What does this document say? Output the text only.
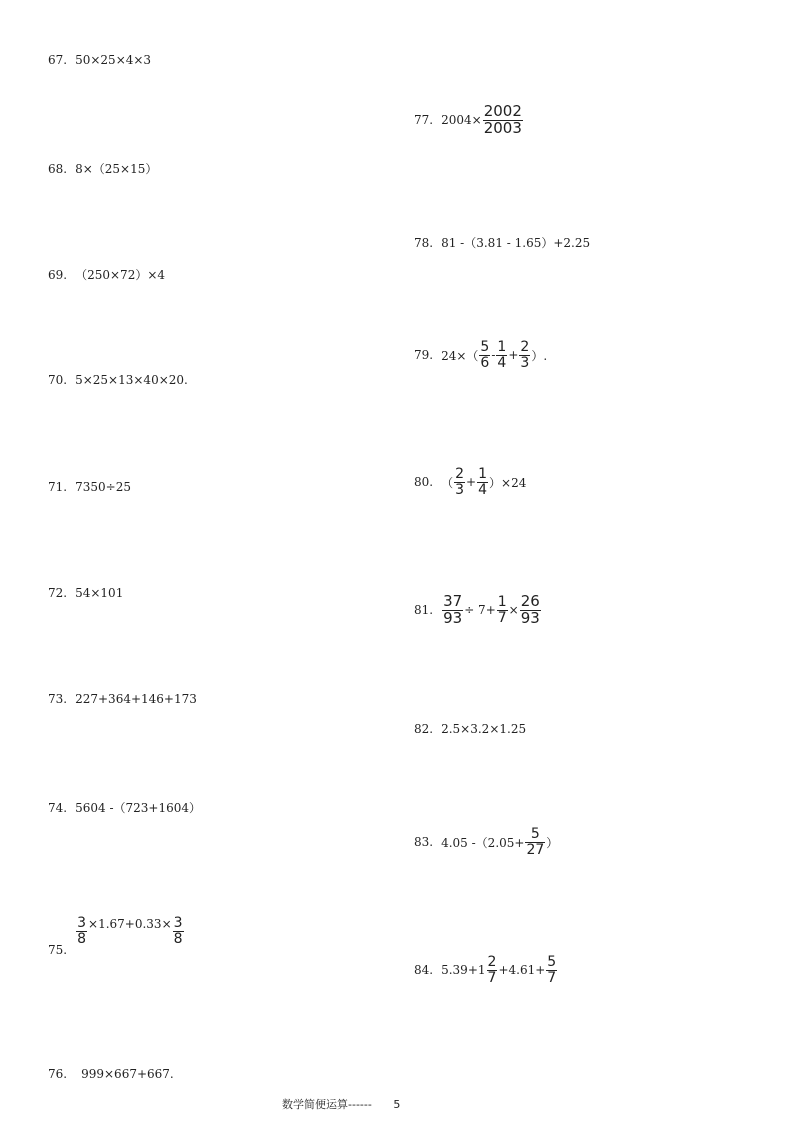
67. 50×25×4×3
68. 8×（25×15）
69. （250×72）×4
70. 5×25×13×40×20.
71. 7350÷25
72. 54×101
73. 227+364+146+173
74. 5604 -（723+1604）
75.
$\frac{3}{8} \times 1.67+0.33\times \frac{3}{8}$
76. 999×667+667.
77. $2004\times \frac{2002}{2003}$
78. 81 -（3.81 - 1.65）+2.25
79. $24\times( \frac{5}{6} - \frac{1}{4} + \frac{2}{3}$ ）.
80. （ $\frac{2}{3} + \frac{1}{4} )\times 24$
81. $\frac{37}{93} \div 7+ \frac{1}{7} \times \frac{26}{93}$
82. 2.5×3.2×1.25
83. 4.05 $-(2.05+ \frac{5}{27}$ ）
84. $5.39+1 \frac{2}{7} +4.61+ \frac{5}{7}$
数学简便运算------ 5
